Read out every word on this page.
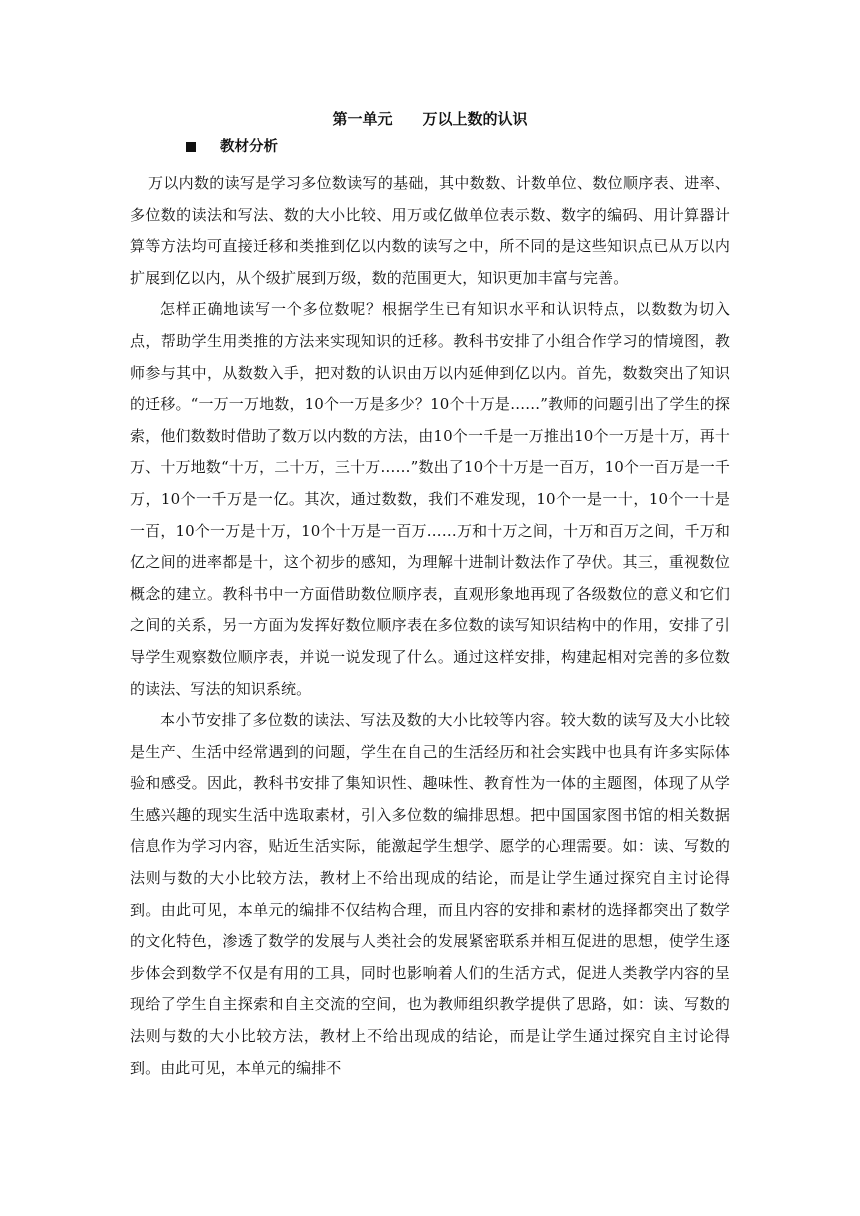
第一单元　　万以上数的认识
教材分析

万以内数的读写是学习多位数读写的基础，其中数数、计数单位、数位顺序表、进率、多位数的读法和写法、数的大小比较、用万或亿做单位表示数、数字的编码、用计算器计算等方法均可直接迁移和类推到亿以内数的读写之中，所不同的是这些知识点已从万以内扩展到亿以内，从个级扩展到万级，数的范围更大，知识更加丰富与完善。

怎样正确地读写一个多位数呢？根据学生已有知识水平和认识特点，以数数为切入点，帮助学生用类推的方法来实现知识的迁移。教科书安排了小组合作学习的情境图，教师参与其中，从数数入手，把对数的认识由万以内延伸到亿以内。首先，数数突出了知识的迁移。“一万一万地数，10个一万是多少？10个十万是……”教师的问题引出了学生的探索，他们数数时借助了数万以内数的方法，由10个一千是一万推出10个一万是十万，再十万、十万地数“十万，二十万，三十万……”数出了10个十万是一百万，10个一百万是一千万，10个一千万是一亿。其次，通过数数，我们不难发现，10个一是一十，10个一十是一百，10个一万是十万，10个十万是一百万……万和十万之间，十万和百万之间，千万和亿之间的进率都是十，这个初步的感知，为理解十进制计数法作了孕伏。其三，重视数位概念的建立。教科书中一方面借助数位顺序表，直观形象地再现了各级数位的意义和它们之间的关系，另一方面为发挥好数位顺序表在多位数的读写知识结构中的作用，安排了引导学生观察数位顺序表，并说一说发现了什么。通过这样安排，构建起相对完善的多位数的读法、写法的知识系统。

本小节安排了多位数的读法、写法及数的大小比较等内容。较大数的读写及大小比较是生产、生活中经常遇到的问题，学生在自己的生活经历和社会实践中也具有许多实际体验和感受。因此，教科书安排了集知识性、趣味性、教育性为一体的主题图，体现了从学生感兴趣的现实生活中选取素材，引入多位数的编排思想。把中国国家图书馆的相关数据信息作为学习内容，贴近生活实际，能激起学生想学、愿学的心理需要。如：读、写数的法则与数的大小比较方法，教材上不给出现成的结论，而是让学生通过探究自主讨论得到。由此可见，本单元的编排不仅结构合理，而且内容的安排和素材的选择都突出了数学的文化特色，渗透了数学的发展与人类社会的发展紧密联系并相互促进的思想，使学生逐步体会到数学不仅是有用的工具，同时也影响着人们的生活方式，促进人类教学内容的呈现给了学生自主探索和自主交流的空间，也为教师组织教学提供了思路，如：读、写数的法则与数的大小比较方法，教材上不给出现成的结论，而是让学生通过探究自主讨论得到。由此可见，本单元的编排不
